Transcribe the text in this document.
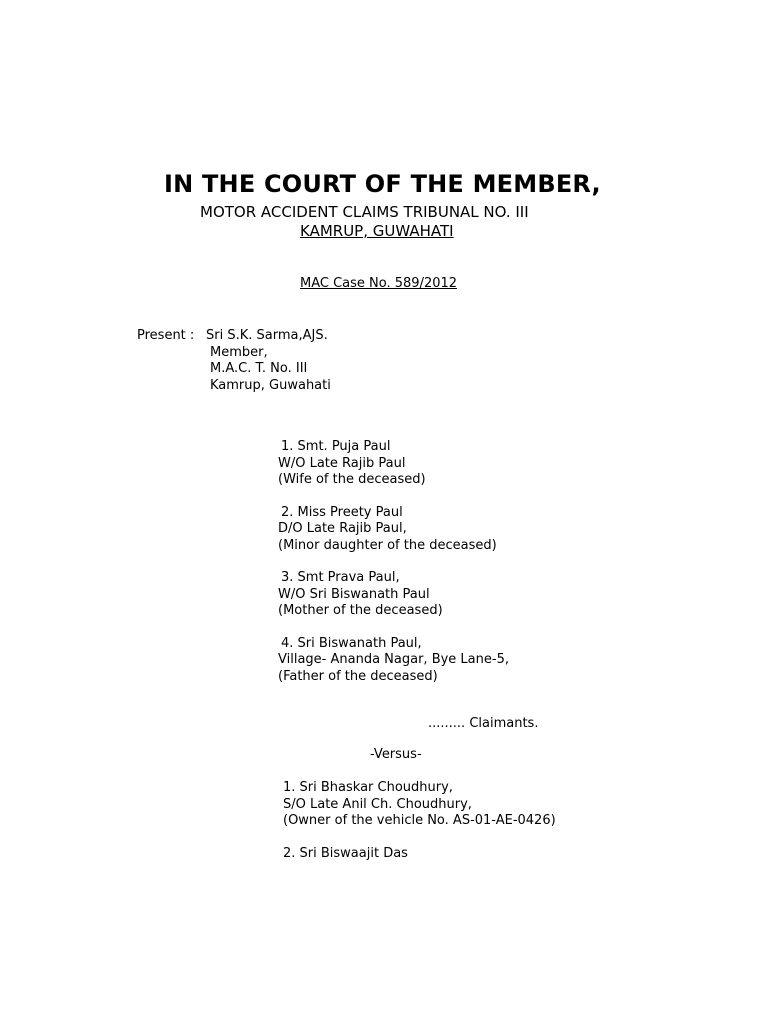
IN THE COURT OF THE MEMBER,
MOTOR ACCIDENT CLAIMS TRIBUNAL NO. III
KAMRUP, GUWAHATI
MAC Case No. 589/2012
Present : Sri S.K. Sarma,AJS.
Member,
M.A.C. T. No. III
Kamrup, Guwahati
1. Smt. Puja Paul
W/O Late Rajib Paul
(Wife of the deceased)
2. Miss Preety Paul
D/O Late Rajib Paul,
(Minor daughter of the deceased)
3. Smt Prava Paul,
W/O Sri Biswanath Paul
(Mother of the deceased)
4. Sri Biswanath Paul,
Village- Ananda Nagar, Bye Lane-5,
(Father of the deceased)
......... Claimants.
-Versus-
1. Sri Bhaskar Choudhury,
S/O Late Anil Ch. Choudhury,
(Owner of the vehicle No. AS-01-AE-0426)
2. Sri Biswaajit Das
